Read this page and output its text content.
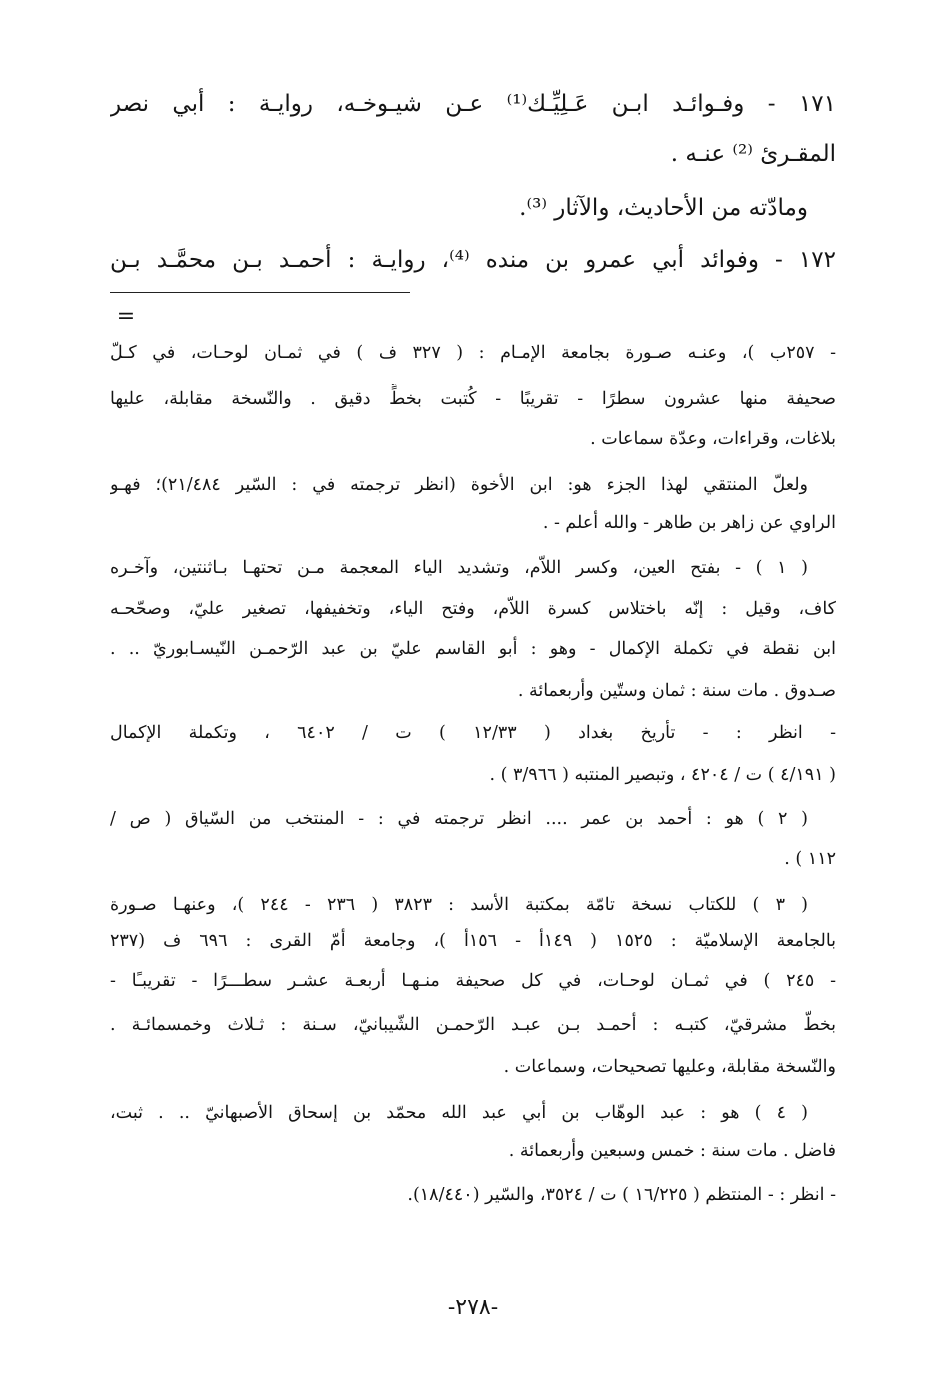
١٧١ - وفـوائـد ابـن عَـلِيِّـك⁽¹⁾ عـن شيـوخـه، روايـة : أبي نصر
المقـرئ ⁽²⁾ عنـه .
ومادّته من الأحاديث، والآثار ⁽³⁾.
١٧٢ - وفوائد أبي عمرو بن منده ⁽⁴⁾، روايـة : أحمـد بـن محمَّـد بـن
=
- ٢٥٧ب )، وعنـه صـورة بجامعة الإمـام : ( ٣٢٧ ف ) في ثمـان لوحـات، في كـلّ
صحيفة منها عشرون سطرًا - تقريبًا - كُتبت بخطٍّ دقيق . والنّسخة مقابلة، عليها
بلاغات، وقراءات، وعدّة سماعات .
ولعلّ المنتقي لهذا الجزء هو: ابن الأخوة (انظر ترجمته في : السّير ٢١/٤٨٤)؛ فهـو
الراوي عن زاهر بن طاهر - والله أعلم - .
( ١ ) - بفتح العين، وكسر اللاّم، وتشديد الياء المعجمة مـن تحتهـا بـاثنتين، وآخـره
كاف، وقيل : إنّه باختلاس كسرة اللاّم، وفتح الياء، وتخفيفها، تصغير عليّ، وصحّحـه
ابن نقطة في تكملة الإكمال - وهو : أبو القاسم عليّ بن عبد الرّحمـن النّيسـابوريّ .. .
صـدوق . مات سنة : ثمان وستّين وأربعمائة .
- انظر : - تأريخ بغداد ( ١٢/٣٣ ) ت / ٦٤٠٢ ، وتكملة الإكمال
( ٤/١٩١ ) ت / ٤٢٠٤ ، وتبصير المنتبه ( ٣/٩٦٦ ) .
( ٢ ) هو : أحمد بن عمر .... انظر ترجمته في : - المنتخب من السّياق ( ص /
١١٢ ) .
( ٣ ) للكتاب نسخة تامّة بمكتبة الأسد : ٣٨٢٣ ( ٢٣٦ - ٢٤٤ )، وعنهـا صـورة
بالجامعة الإسلاميّة : ١٥٢٥ ( ١٤٩أ - ١٥٦أ )، وجامعة أمّ القرى : ٦٩٦ ف (٢٣٧
- ٢٤٥ ) في ثمـان لوحـات، في كل صحيفة منـهـا أربعـة عشـر سطـــرًا - تقريبـًا -
بخطّ مشرقيّ، كتبـه : أحمـد بـن عبـد الرّحمـن الشّيبانيّ، سـنة : ثـلاث وخمسمائـة .
والنّسخة مقابلة، وعليها تصحيحات، وسماعات .
( ٤ ) هو : عبد الوهّاب بن أبي عبد الله محمّد بن إسحاق الأصبهانيّ .. . ثبت،
فاضل . مات سنة : خمس وسبعين وأربعمائة .
- انظر : - المنتظم ( ١٦/٢٢٥ ) ت / ٣٥٢٤، والسّير (١٨/٤٤٠).
-٢٧٨-
